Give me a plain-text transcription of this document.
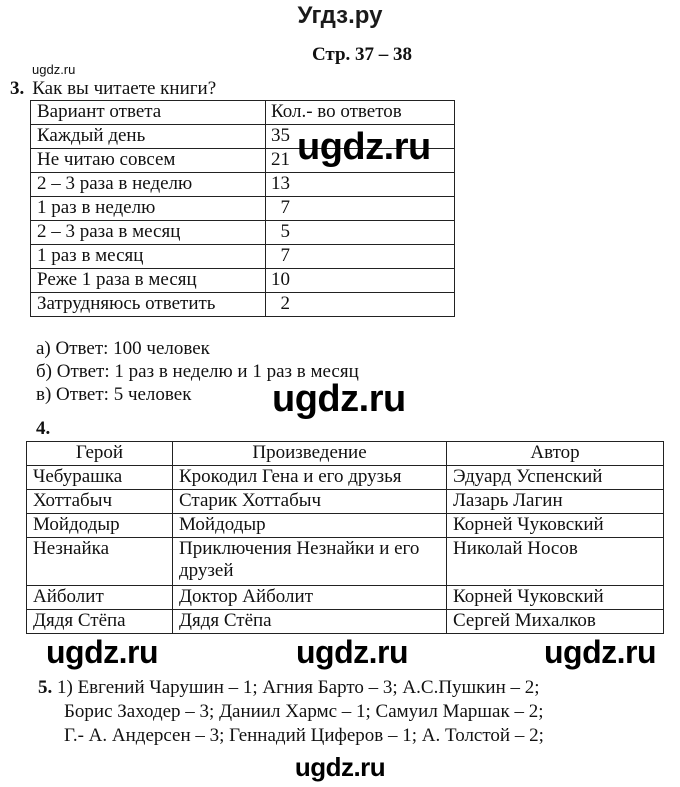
Угдз.ру
Стр. 37 – 38
ugdz.ru
3. Как вы читаете книги?
Вариант ответа	Кол.- во ответов
Каждый день	35
Не читаю совсем	21
2 – 3 раза в неделю	13
1 раз в неделю	7
2 – 3 раза в месяц	5
1 раз в месяц	7
Реже 1 раза в месяц	10
Затрудняюсь ответить	2
ugdz.ru
а) Ответ: 100 человек
б) Ответ: 1 раз в неделю и 1 раз в месяц
в) Ответ: 5 человек	ugdz.ru
4.
Герой	Произведение	Автор
Чебурашка	Крокодил Гена и его друзья	Эдуард Успенский
Хоттабыч	Старик Хоттабыч	Лазарь Лагин
Мойдодыр	Мойдодыр	Корней Чуковский
Незнайка	Приключения Незнайки и его друзей	Николай Носов
Айболит	Доктор Айболит	Корней Чуковский
Дядя Стёпа	Дядя Стёпа	Сергей Михалков
ugdz.ru	ugdz.ru	ugdz.ru
5. 1) Евгений Чарушин – 1; Агния Барто – 3; А.С.Пушкин – 2;
Борис Заходер – 3; Даниил Хармс – 1; Самуил Маршак – 2;
Г.- А. Андерсен – 3; Геннадий Циферов – 1; А. Толстой – 2;
ugdz.ru
